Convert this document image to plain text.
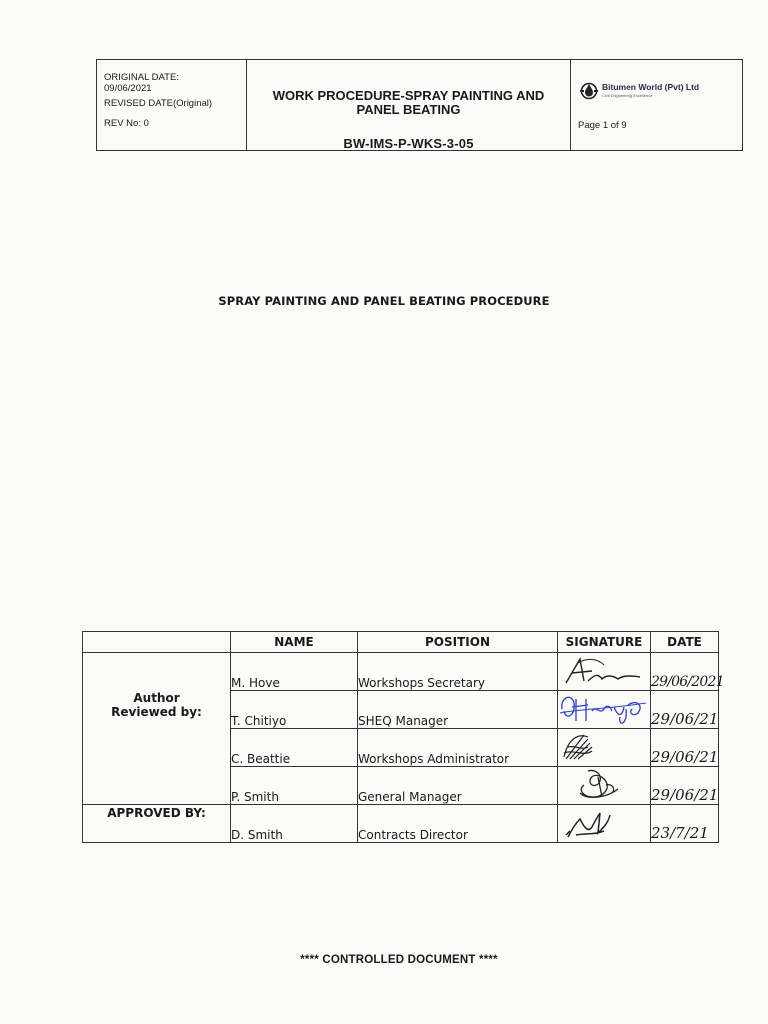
ORIGINAL DATE:
09/06/2021
REVISED DATE(Original)
REV No: 0
WORK PROCEDURE-SPRAY PAINTING AND PANEL BEATING
BW-IMS-P-WKS-3-05
Bitumen World (Pvt) Ltd
Civil Engineering Excellence
Page 1 of 9
SPRAY PAINTING AND PANEL BEATING PROCEDURE
	NAME	POSITION	SIGNATURE	DATE

Author
Reviewed by:	M. Hove	Workshops Secretary		29/06/2021
	T. Chitiyo	SHEQ Manager		29/06/21
	C. Beattie	Workshops Administrator		29/06/21
	P. Smith	General Manager		29/06/21

APPROVED BY:	D. Smith	Contracts Director		23/7/21
**** CONTROLLED DOCUMENT ****
